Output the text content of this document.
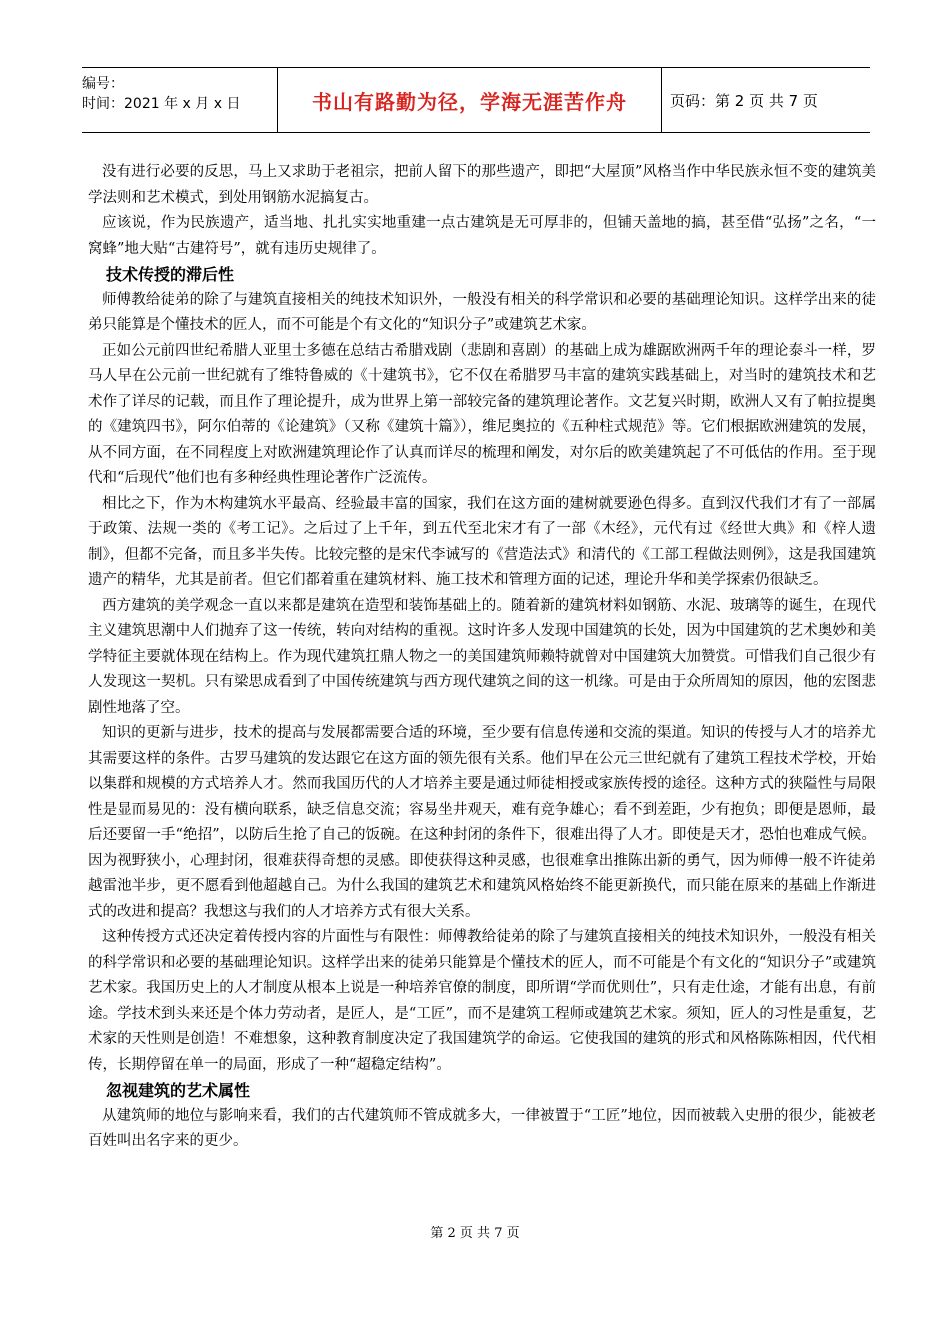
编号：
时间：2021 年 x 月 x 日	书山有路勤为径，学海无涯苦作舟	页码：第 2 页 共 7 页

没有进行必要的反思，马上又求助于老祖宗，把前人留下的那些遗产，即把“大屋顶”风格当作中华民族永恒不变的建筑美学法则和艺术模式，到处用钢筋水泥搞复古。

应该说，作为民族遗产，适当地、扎扎实实地重建一点古建筑是无可厚非的，但铺天盖地的搞，甚至借“弘扬”之名，“一窝蜂”地大贴“古建符号”，就有违历史规律了。

技术传授的滞后性

师傅教给徒弟的除了与建筑直接相关的纯技术知识外，一般没有相关的科学常识和必要的基础理论知识。这样学出来的徒弟只能算是个懂技术的匠人，而不可能是个有文化的“知识分子”或建筑艺术家。

正如公元前四世纪希腊人亚里士多德在总结古希腊戏剧（悲剧和喜剧）的基础上成为雄踞欧洲两千年的理论泰斗一样，罗马人早在公元前一世纪就有了维特鲁威的《十建筑书》，它不仅在希腊罗马丰富的建筑实践基础上，对当时的建筑技术和艺术作了详尽的记载，而且作了理论提升，成为世界上第一部较完备的建筑理论著作。文艺复兴时期，欧洲人又有了帕拉提奥的《建筑四书》，阿尔伯蒂的《论建筑》（又称《建筑十篇》），维尼奥拉的《五种柱式规范》等。它们根据欧洲建筑的发展，从不同方面，在不同程度上对欧洲建筑理论作了认真而详尽的梳理和阐发，对尔后的欧美建筑起了不可低估的作用。至于现代和“后现代”他们也有多种经典性理论著作广泛流传。

相比之下，作为木构建筑水平最高、经验最丰富的国家，我们在这方面的建树就要逊色得多。直到汉代我们才有了一部属于政策、法规一类的《考工记》。之后过了上千年，到五代至北宋才有了一部《木经》，元代有过《经世大典》和《梓人遗制》，但都不完备，而且多半失传。比较完整的是宋代李诫写的《营造法式》和清代的《工部工程做法则例》，这是我国建筑遗产的精华，尤其是前者。但它们都着重在建筑材料、施工技术和管理方面的记述，理论升华和美学探索仍很缺乏。

西方建筑的美学观念一直以来都是建筑在造型和装饰基础上的。随着新的建筑材料如钢筋、水泥、玻璃等的诞生，在现代主义建筑思潮中人们抛弃了这一传统，转向对结构的重视。这时许多人发现中国建筑的长处，因为中国建筑的艺术奥妙和美学特征主要就体现在结构上。作为现代建筑扛鼎人物之一的美国建筑师赖特就曾对中国建筑大加赞赏。可惜我们自己很少有人发现这一契机。只有梁思成看到了中国传统建筑与西方现代建筑之间的这一机缘。可是由于众所周知的原因，他的宏图悲剧性地落了空。

知识的更新与进步，技术的提高与发展都需要合适的环境，至少要有信息传递和交流的渠道。知识的传授与人才的培养尤其需要这样的条件。古罗马建筑的发达跟它在这方面的领先很有关系。他们早在公元三世纪就有了建筑工程技术学校，开始以集群和规模的方式培养人才。然而我国历代的人才培养主要是通过师徒相授或家族传授的途径。这种方式的狭隘性与局限性是显而易见的：没有横向联系，缺乏信息交流；容易坐井观天，难有竞争雄心；看不到差距，少有抱负；即便是恩师，最后还要留一手“绝招”，以防后生抢了自己的饭碗。在这种封闭的条件下，很难出得了人才。即使是天才，恐怕也难成气候。因为视野狭小，心理封闭，很难获得奇想的灵感。即使获得这种灵感，也很难拿出推陈出新的勇气，因为师傅一般不许徒弟越雷池半步，更不愿看到他超越自己。为什么我国的建筑艺术和建筑风格始终不能更新换代，而只能在原来的基础上作渐进式的改进和提高？我想这与我们的人才培养方式有很大关系。

这种传授方式还决定着传授内容的片面性与有限性：师傅教给徒弟的除了与建筑直接相关的纯技术知识外，一般没有相关的科学常识和必要的基础理论知识。这样学出来的徒弟只能算是个懂技术的匠人，而不可能是个有文化的“知识分子”或建筑艺术家。我国历史上的人才制度从根本上说是一种培养官僚的制度，即所谓“学而优则仕”，只有走仕途，才能有出息，有前途。学技术到头来还是个体力劳动者，是匠人，是“工匠”，而不是建筑工程师或建筑艺术家。须知，匠人的习性是重复，艺术家的天性则是创造！不难想象，这种教育制度决定了我国建筑学的命运。它使我国的建筑的形式和风格陈陈相因，代代相传，长期停留在单一的局面，形成了一种“超稳定结构”。

忽视建筑的艺术属性

从建筑师的地位与影响来看，我们的古代建筑师不管成就多大，一律被置于“工匠”地位，因而被载入史册的很少，能被老百姓叫出名字来的更少。

第 2 页 共 7 页
